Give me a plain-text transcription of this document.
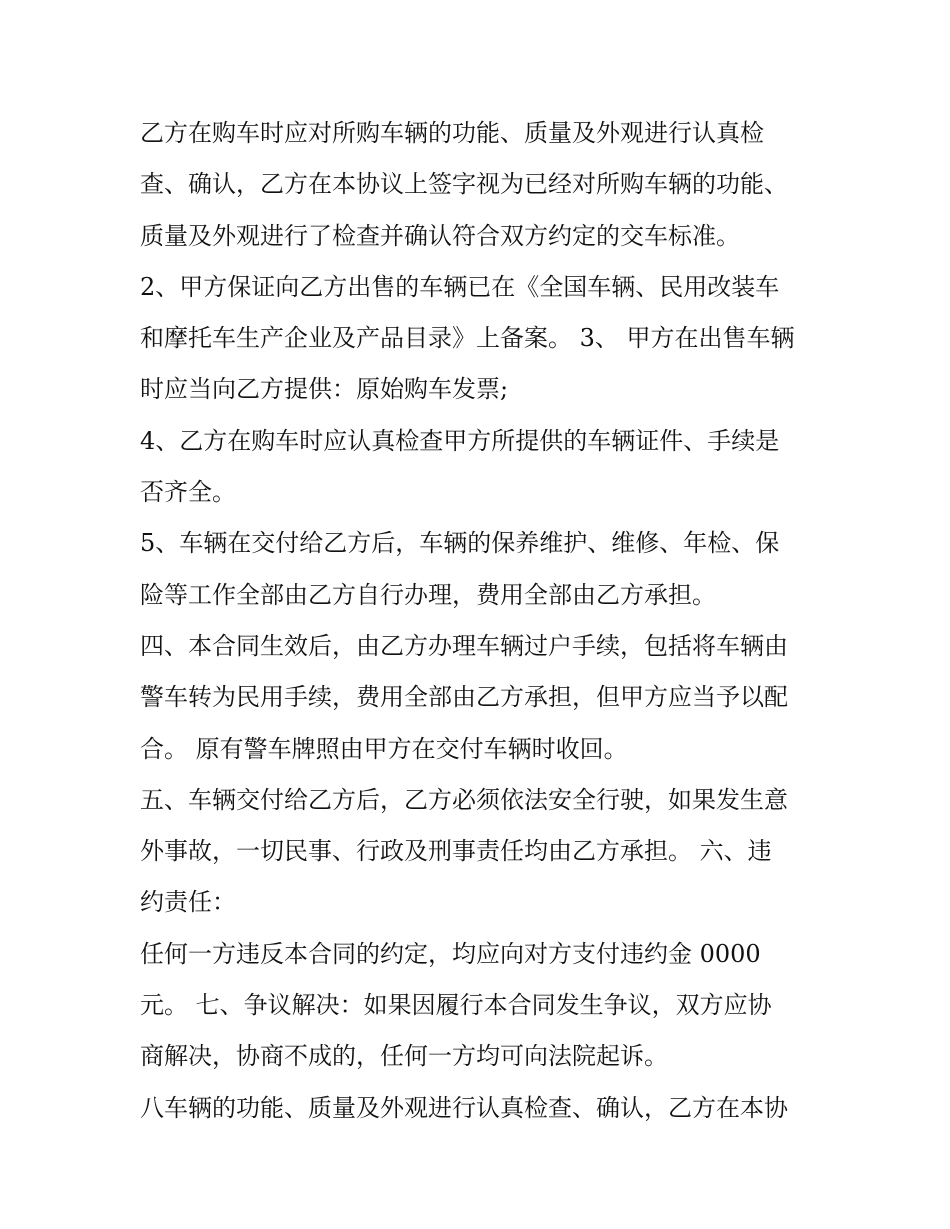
乙方在购车时应对所购车辆的功能、质量及外观进行认真检
查、确认，乙方在本协议上签字视为已经对所购车辆的功能、
质量及外观进行了检查并确认符合双方约定的交车标准。
2、甲方保证向乙方出售的车辆已在《全国车辆、民用改装车
和摩托车生产企业及产品目录》上备案。 3、 甲方在出售车辆
时应当向乙方提供：原始购车发票;
4、乙方在购车时应认真检查甲方所提供的车辆证件、手续是
否齐全。
5、车辆在交付给乙方后，车辆的保养维护、维修、年检、保
险等工作全部由乙方自行办理，费用全部由乙方承担。
四、本合同生效后，由乙方办理车辆过户手续，包括将车辆由
警车转为民用手续，费用全部由乙方承担，但甲方应当予以配
合。 原有警车牌照由甲方在交付车辆时收回。
五、车辆交付给乙方后，乙方必须依法安全行驶，如果发生意
外事故，一切民事、行政及刑事责任均由乙方承担。 六、违
约责任：
任何一方违反本合同的约定，均应向对方支付违约金 0000
元。 七、争议解决：如果因履行本合同发生争议，双方应协
商解决，协商不成的，任何一方均可向法院起诉。
八车辆的功能、质量及外观进行认真检查、确认，乙方在本协
